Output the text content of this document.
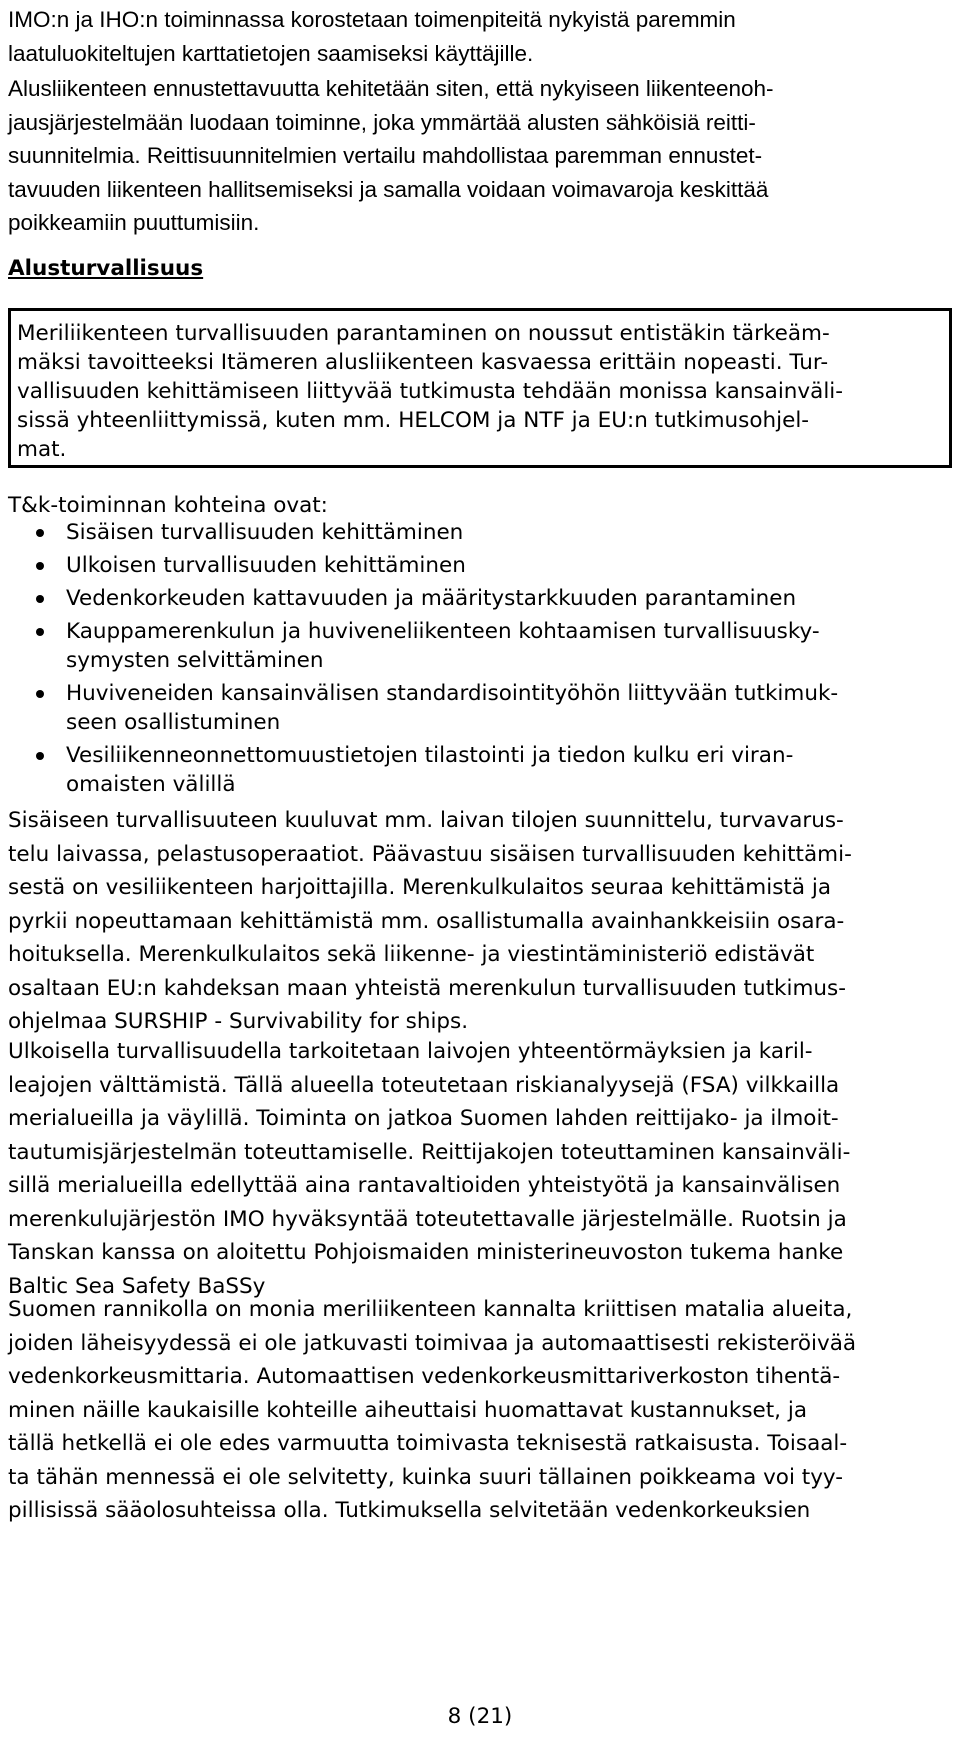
IMO:n ja IHO:n toiminnassa korostetaan toimenpiteitä nykyistä paremmin
laatuluokiteltujen karttatietojen saamiseksi käyttäjille.

Alusliikenteen ennustettavuutta kehitetään siten, että nykyiseen liikenteenoh-
jausjärjestelmään luodaan toiminne, joka ymmärtää alusten sähköisiä reitti-
suunnitelmia. Reittisuunnitelmien vertailu mahdollistaa paremman ennustet-
tavuuden liikenteen hallitsemiseksi ja samalla voidaan voimavaroja keskittää
poikkeamiin puuttumisiin.

Alusturvallisuus

Meriliikenteen turvallisuuden parantaminen on noussut entistäkin tärkeäm-
mäksi tavoitteeksi Itämeren alusliikenteen kasvaessa erittäin nopeasti. Tur-
vallisuuden kehittämiseen liittyvää tutkimusta tehdään monissa kansainväli-
sissä yhteenliittymissä, kuten mm. HELCOM ja NTF ja EU:n tutkimusohjel-
mat.

T&k-toiminnan kohteina ovat:
Sisäisen turvallisuuden kehittäminen
Ulkoisen turvallisuuden kehittäminen
Vedenkorkeuden kattavuuden ja määritystarkkuuden parantaminen
Kauppamerenkulun ja huviveneliikenteen kohtaamisen turvallisuusky-
symysten selvittäminen
Huviveneiden kansainvälisen standardisointityöhön liittyvään tutkimuk-
seen osallistuminen
Vesiliikenneonnettomuustietojen tilastointi ja tiedon kulku eri viran-
omaisten välillä

Sisäiseen turvallisuuteen kuuluvat mm. laivan tilojen suunnittelu, turvavarus-
telu laivassa, pelastusoperaatiot. Päävastuu sisäisen turvallisuuden kehittämi-
sestä on vesiliikenteen harjoittajilla. Merenkulkulaitos seuraa kehittämistä ja
pyrkii nopeuttamaan kehittämistä mm. osallistumalla avainhankkeisiin osara-
hoituksella. Merenkulkulaitos sekä liikenne- ja viestintäministeriö edistävät
osaltaan EU:n kahdeksan maan yhteistä merenkulun turvallisuuden tutkimus-
ohjelmaa SURSHIP - Survivability for ships.

Ulkoisella turvallisuudella tarkoitetaan laivojen yhteentörmäyksien ja karil-
leajojen välttämistä. Tällä alueella toteutetaan riskianalyysejä (FSA) vilkkailla
merialueilla ja väylillä. Toiminta on jatkoa Suomen lahden reittijako- ja ilmoit-
tautumisjärjestelmän toteuttamiselle. Reittijakojen toteuttaminen kansainväli-
sillä merialueilla edellyttää aina rantavaltioiden yhteistyötä ja kansainvälisen
merenkulujärjestön IMO hyväksyntää toteutettavalle järjestelmälle. Ruotsin ja
Tanskan kanssa on aloitettu Pohjoismaiden ministerineuvoston tukema hanke
Baltic Sea Safety BaSSy

Suomen rannikolla on monia meriliikenteen kannalta kriittisen matalia alueita,
joiden läheisyydessä ei ole jatkuvasti toimivaa ja automaattisesti rekisteröivää
vedenkorkeusmittaria. Automaattisen vedenkorkeusmittariverkoston tihentä-
minen näille kaukaisille kohteille aiheuttaisi huomattavat kustannukset, ja
tällä hetkellä ei ole edes varmuutta toimivasta teknisestä ratkaisusta. Toisaal-
ta tähän mennessä ei ole selvitetty, kuinka suuri tällainen poikkeama voi tyy-
pillisissä sääolosuhteissa olla. Tutkimuksella selvitetään vedenkorkeuksien

8 (21)
